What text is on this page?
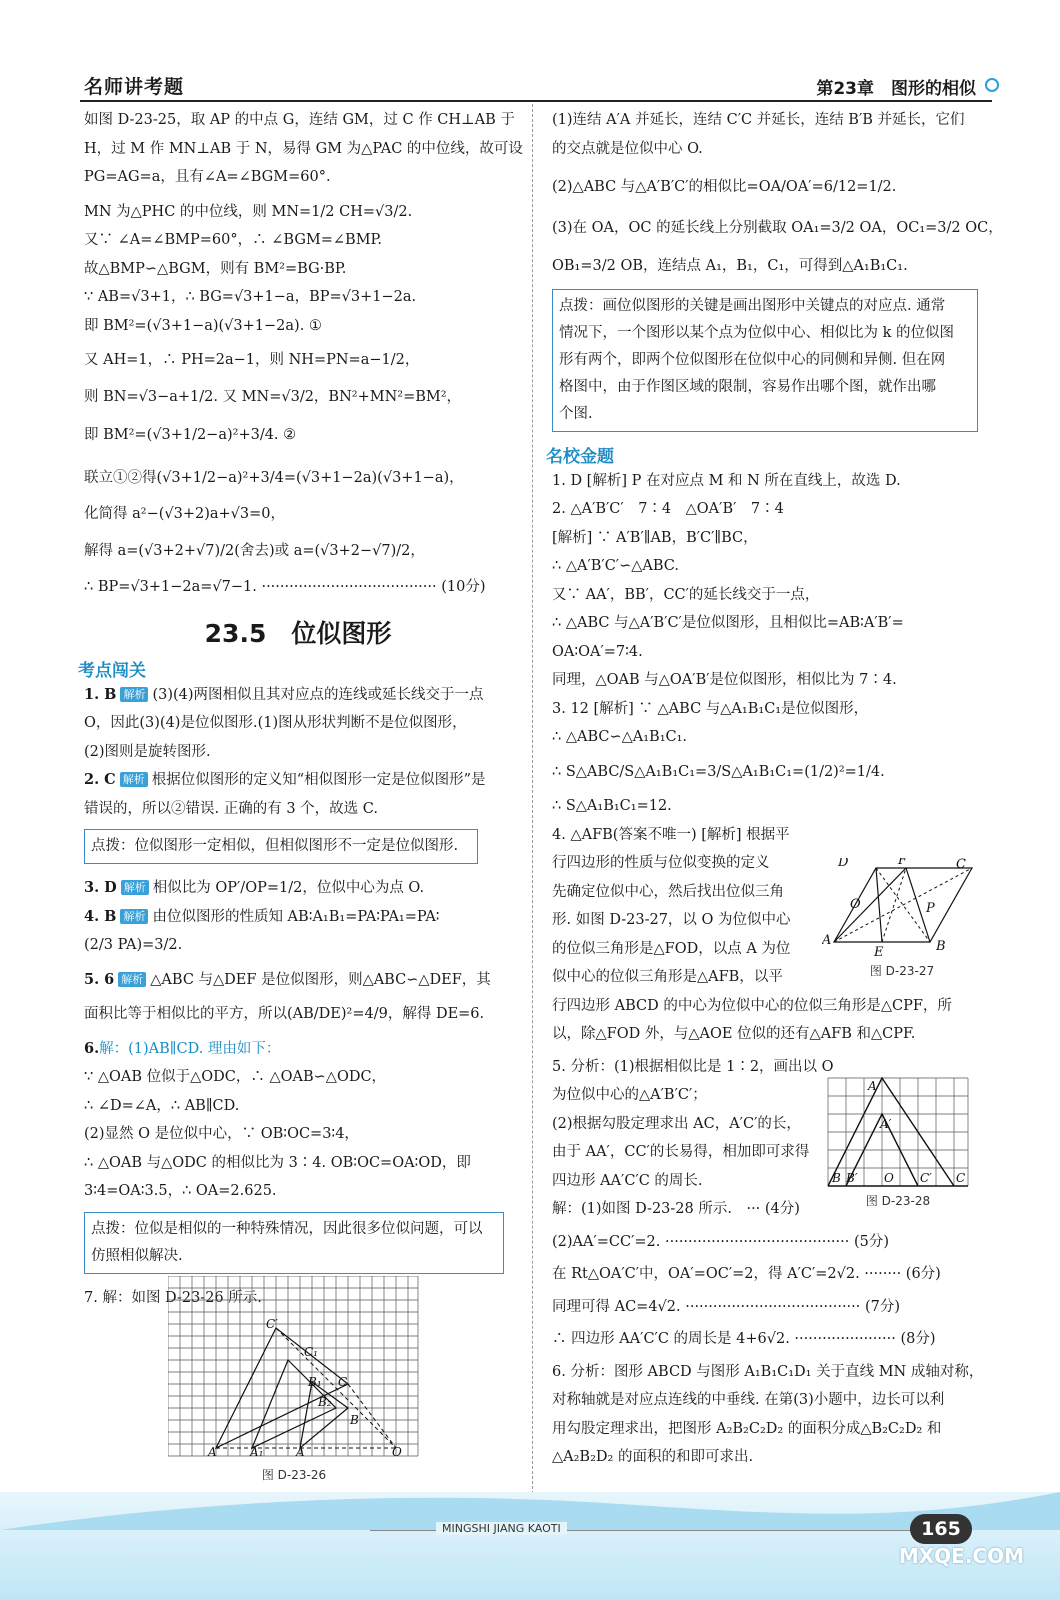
名师讲考题	第23章　图形的相似

如图 D-23-25，取 AP 的中点 G，连结 GM，过 C 作 CH⊥AB 于

H，过 M 作 MN⊥AB 于 N，易得 GM 为△PAC 的中位线，故可设

PG=AG=a，且有∠A=∠BGM=60°.

MN 为△PHC 的中位线，则 MN=1/2 CH=√3/2.

又∵ ∠A=∠BMP=60°，∴ ∠BGM=∠BMP.

故△BMP∽△BGM，则有 BM²=BG·BP.

∵ AB=√3+1，∴ BG=√3+1−a，BP=√3+1−2a.

即 BM²=(√3+1−a)(√3+1−2a). ①

又 AH=1，∴ PH=2a−1，则 NH=PN=a−1/2，

则 BN=√3−a+1/2. 又 MN=√3/2，BN²+MN²=BM²，

即 BM²=(√3+1/2−a)²+3/4. ②

联立①②得(√3+1/2−a)²+3/4=(√3+1−2a)(√3+1−a)，

化简得 a²−(√3+2)a+√3=0，

解得 a=(√3+2+√7)/2(舍去)或 a=(√3+2−√7)/2，

∴ BP=√3+1−2a=√7−1. ······································ (10分)

23.5　位似图形
考点闯关

1. B 解析 (3)(4)两图相似且其对应点的连线或延长线交于一点

O，因此(3)(4)是位似图形.(1)图从形状判断不是位似图形，

(2)图则是旋转图形.

2. C 解析 根据位似图形的定义知“相似图形一定是位似图形”是

错误的，所以②错误. 正确的有 3 个，故选 C.

点拨：位似图形一定相似，但相似图形不一定是位似图形.

3. D 解析 相似比为 OP′/OP=1/2，位似中心为点 O.

4. B 解析 由位似图形的性质知 AB∶A₁B₁=PA∶PA₁=PA∶

(2/3 PA)=3/2.

5. 6 解析 △ABC 与△DEF 是位似图形，则△ABC∽△DEF，其

面积比等于相似比的平方，所以(AB/DE)²=4/9，解得 DE=6.

6.解：(1)AB∥CD. 理由如下：

∵ △OAB 位似于△ODC，∴ △OAB∽△ODC，

∴ ∠D=∠A，∴ AB∥CD.

(2)显然 O 是位似中心，∵ OB∶OC=3∶4，

∴ △OAB 与△ODC 的相似比为 3∶4. OB∶OC=OA∶OD，即

3∶4=OA∶3.5，∴ OA=2.625.

点拨：位似是相似的一种特殊情况，因此很多位似问题，可以

仿照相似解决.

7. 解：如图 D-23-26 所示.

C′
A′	A₁	A
C₁
B₁ C
B₂
B
O
图 D-23-26

(1)连结 A′A 并延长，连结 C′C 并延长，连结 B′B 并延长，它们

的交点就是位似中心 O.

(2)△ABC 与△A′B′C′的相似比=OA/OA′=6/12=1/2.

(3)在 OA，OC 的延长线上分别截取 OA₁=3/2 OA，OC₁=3/2 OC，

OB₁=3/2 OB，连结点 A₁，B₁，C₁，可得到△A₁B₁C₁.

点拨：画位似图形的关键是画出图形中关键点的对应点. 通常

情况下，一个图形以某个点为位似中心、相似比为 k 的位似图

形有两个，即两个位似图形在位似中心的同侧和异侧. 但在网

格图中，由于作图区域的限制，容易作出哪个图，就作出哪

个图.

名校金题

1. D [解析] P 在对应点 M 和 N 所在直线上，故选 D.

2. △A′B′C′　7∶4　△OA′B′　7∶4

[解析] ∵ A′B′∥AB，B′C′∥BC，

∴ △A′B′C′∽△ABC.

又∵ AA′，BB′，CC′的延长线交于一点，

∴ △ABC 与△A′B′C′是位似图形，且相似比=AB∶A′B′=

OA∶OA′=7∶4.

同理，△OAB 与△OA′B′是位似图形，相似比为 7∶4.

3. 12 [解析] ∵ △ABC 与△A₁B₁C₁是位似图形，

∴ △ABC∽△A₁B₁C₁.

∴ S△ABC/S△A₁B₁C₁=3/S△A₁B₁C₁=(1/2)²=1/4.

∴ S△A₁B₁C₁=12.

4. △AFB(答案不唯一) [解析] 根据平

行四边形的性质与位似变换的定义

先确定位似中心，然后找出位似三角

形. 如图 D-23-27，以 O 为位似中心

的位似三角形是△FOD，以点 A 为位

似中心的位似三角形是△AFB，以平

行四边形 ABCD 的中心为位似中心的位似三角形是△CPF，所

以，除△FOD 外，与△AOE 位似的还有△AFB 和△CPF.

5. 分析：(1)根据相似比是 1∶2，画出以 O

为位似中心的△A′B′C′；

(2)根据勾股定理求出 AC，A′C′的长，

由于 AA′，CC′的长易得，相加即可求得

四边形 AA′C′C 的周长.

解：(1)如图 D-23-28 所示.　··· (4分)

(2)AA′=CC′=2. ········································ (5分)

在 Rt△OA′C′中，OA′=OC′=2，得 A′C′=2√2. ········ (6分)

同理可得 AC=4√2. ······································ (7分)

∴ 四边形 AA′C′C 的周长是 4+6√2. ······················ (8分)

6. 分析：图形 ABCD 与图形 A₁B₁C₁D₁ 关于直线 MN 成轴对称，

对称轴就是对应点连线的中垂线. 在第(3)小题中，边长可以利

用勾股定理求出，把图形 A₂B₂C₂D₂ 的面积分成△B₂C₂D₂ 和

△A₂B₂D₂ 的面积的和即可求出.

D	F	C
O	P
A
E	B
图 D-23-27
A
A′
B B′ O C′ C
图 D-23-28
MINGSHI JIANG KAOTI	165
MXQE.COM
